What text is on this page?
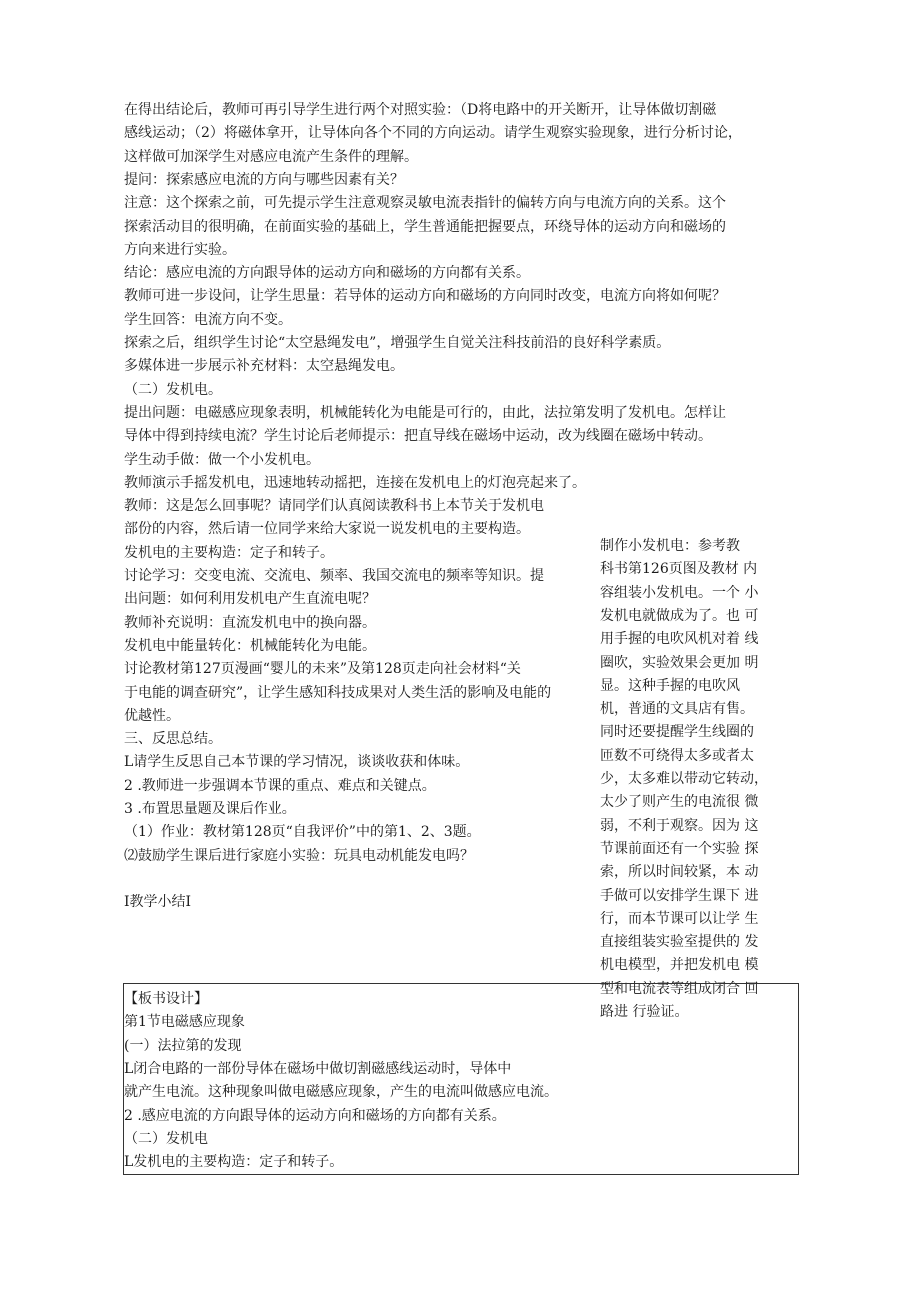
在得出结论后，教师可再引导学生进行两个对照实验：（D将电路中的开关断开，让导体做切割磁
感线运动；（2）将磁体拿开，让导体向各个不同的方向运动。请学生观察实验现象，进行分析讨论，
这样做可加深学生对感应电流产生条件的理解。
提问：探索感应电流的方向与哪些因素有关？
注意：这个探索之前，可先提示学生注意观察灵敏电流表指针的偏转方向与电流方向的关系。这个
探索活动目的很明确，在前面实验的基础上，学生普通能把握要点，环绕导体的运动方向和磁场的
方向来进行实验。
结论：感应电流的方向跟导体的运动方向和磁场的方向都有关系。
教师可进一步设问，让学生思量：若导体的运动方向和磁场的方向同时改变，电流方向将如何呢？
学生回答：电流方向不变。
探索之后，组织学生讨论“太空悬绳发电”，增强学生自觉关注科技前沿的良好科学素质。
多媒体进一步展示补充材料：太空悬绳发电。
（二）发机电。
提出问题：电磁感应现象表明，机械能转化为电能是可行的，由此，法拉第发明了发机电。怎样让
导体中得到持续电流？学生讨论后老师提示：把直导线在磁场中运动，改为线圈在磁场中转动。
学生动手做：做一个小发机电。
教师演示手摇发机电，迅速地转动摇把，连接在发机电上的灯泡亮起来了。
教师：这是怎么回事呢？请同学们认真阅读教科书上本节关于发机电
部份的内容，然后请一位同学来给大家说一说发机电的主要构造。
发机电的主要构造：定子和转子。
讨论学习：交变电流、交流电、频率、我国交流电的频率等知识。提
出问题：如何利用发机电产生直流电呢？
教师补充说明：直流发机电中的换向器。
发机电中能量转化：机械能转化为电能。
讨论教材第127页漫画“婴儿的未来”及第128页走向社会材料“关
于电能的调查研究”，让学生感知科技成果对人类生活的影响及电能的
优越性。
三、反思总结。
L请学生反思自己本节课的学习情况，谈谈收获和体味。
2 .教师进一步强调本节课的重点、难点和关键点。
3 .布置思量题及课后作业。
（1）作业：教材第128页“自我评价”中的第1、2、3题。
⑵鼓励学生课后进行家庭小实验：玩具电动机能发电吗？
I教学小结I
制作小发机电：参考教
科书第126页图及教材 内
容组装小发机电。一个 小
发机电就做成为了。也 可
用手握的电吹风机对着 线
圈吹，实验效果会更加 明
显。这种手握的电吹风
机，普通的文具店有售。
同时还要提醒学生线圈的
匝数不可绕得太多或者太
少，太多难以带动它转动，
太少了则产生的电流很 微
弱，不利于观察。因为 这
节课前面还有一个实验 探
索，所以时间较紧，本 动
手做可以安排学生课下 进
行，而本节课可以让学 生
直接组装实验室提供的 发
机电模型，并把发机电 模
型和电流表等组成闭合 回
路进 行验证。
【板书设计】
第1节电磁感应现象
(一）法拉第的发现
L闭合电路的一部份导体在磁场中做切割磁感线运动时，导体中
就产生电流。这种现象叫做电磁感应现象，产生的电流叫做感应电流。
2 .感应电流的方向跟导体的运动方向和磁场的方向都有关系。
（二）发机电
L发机电的主要构造：定子和转子。
